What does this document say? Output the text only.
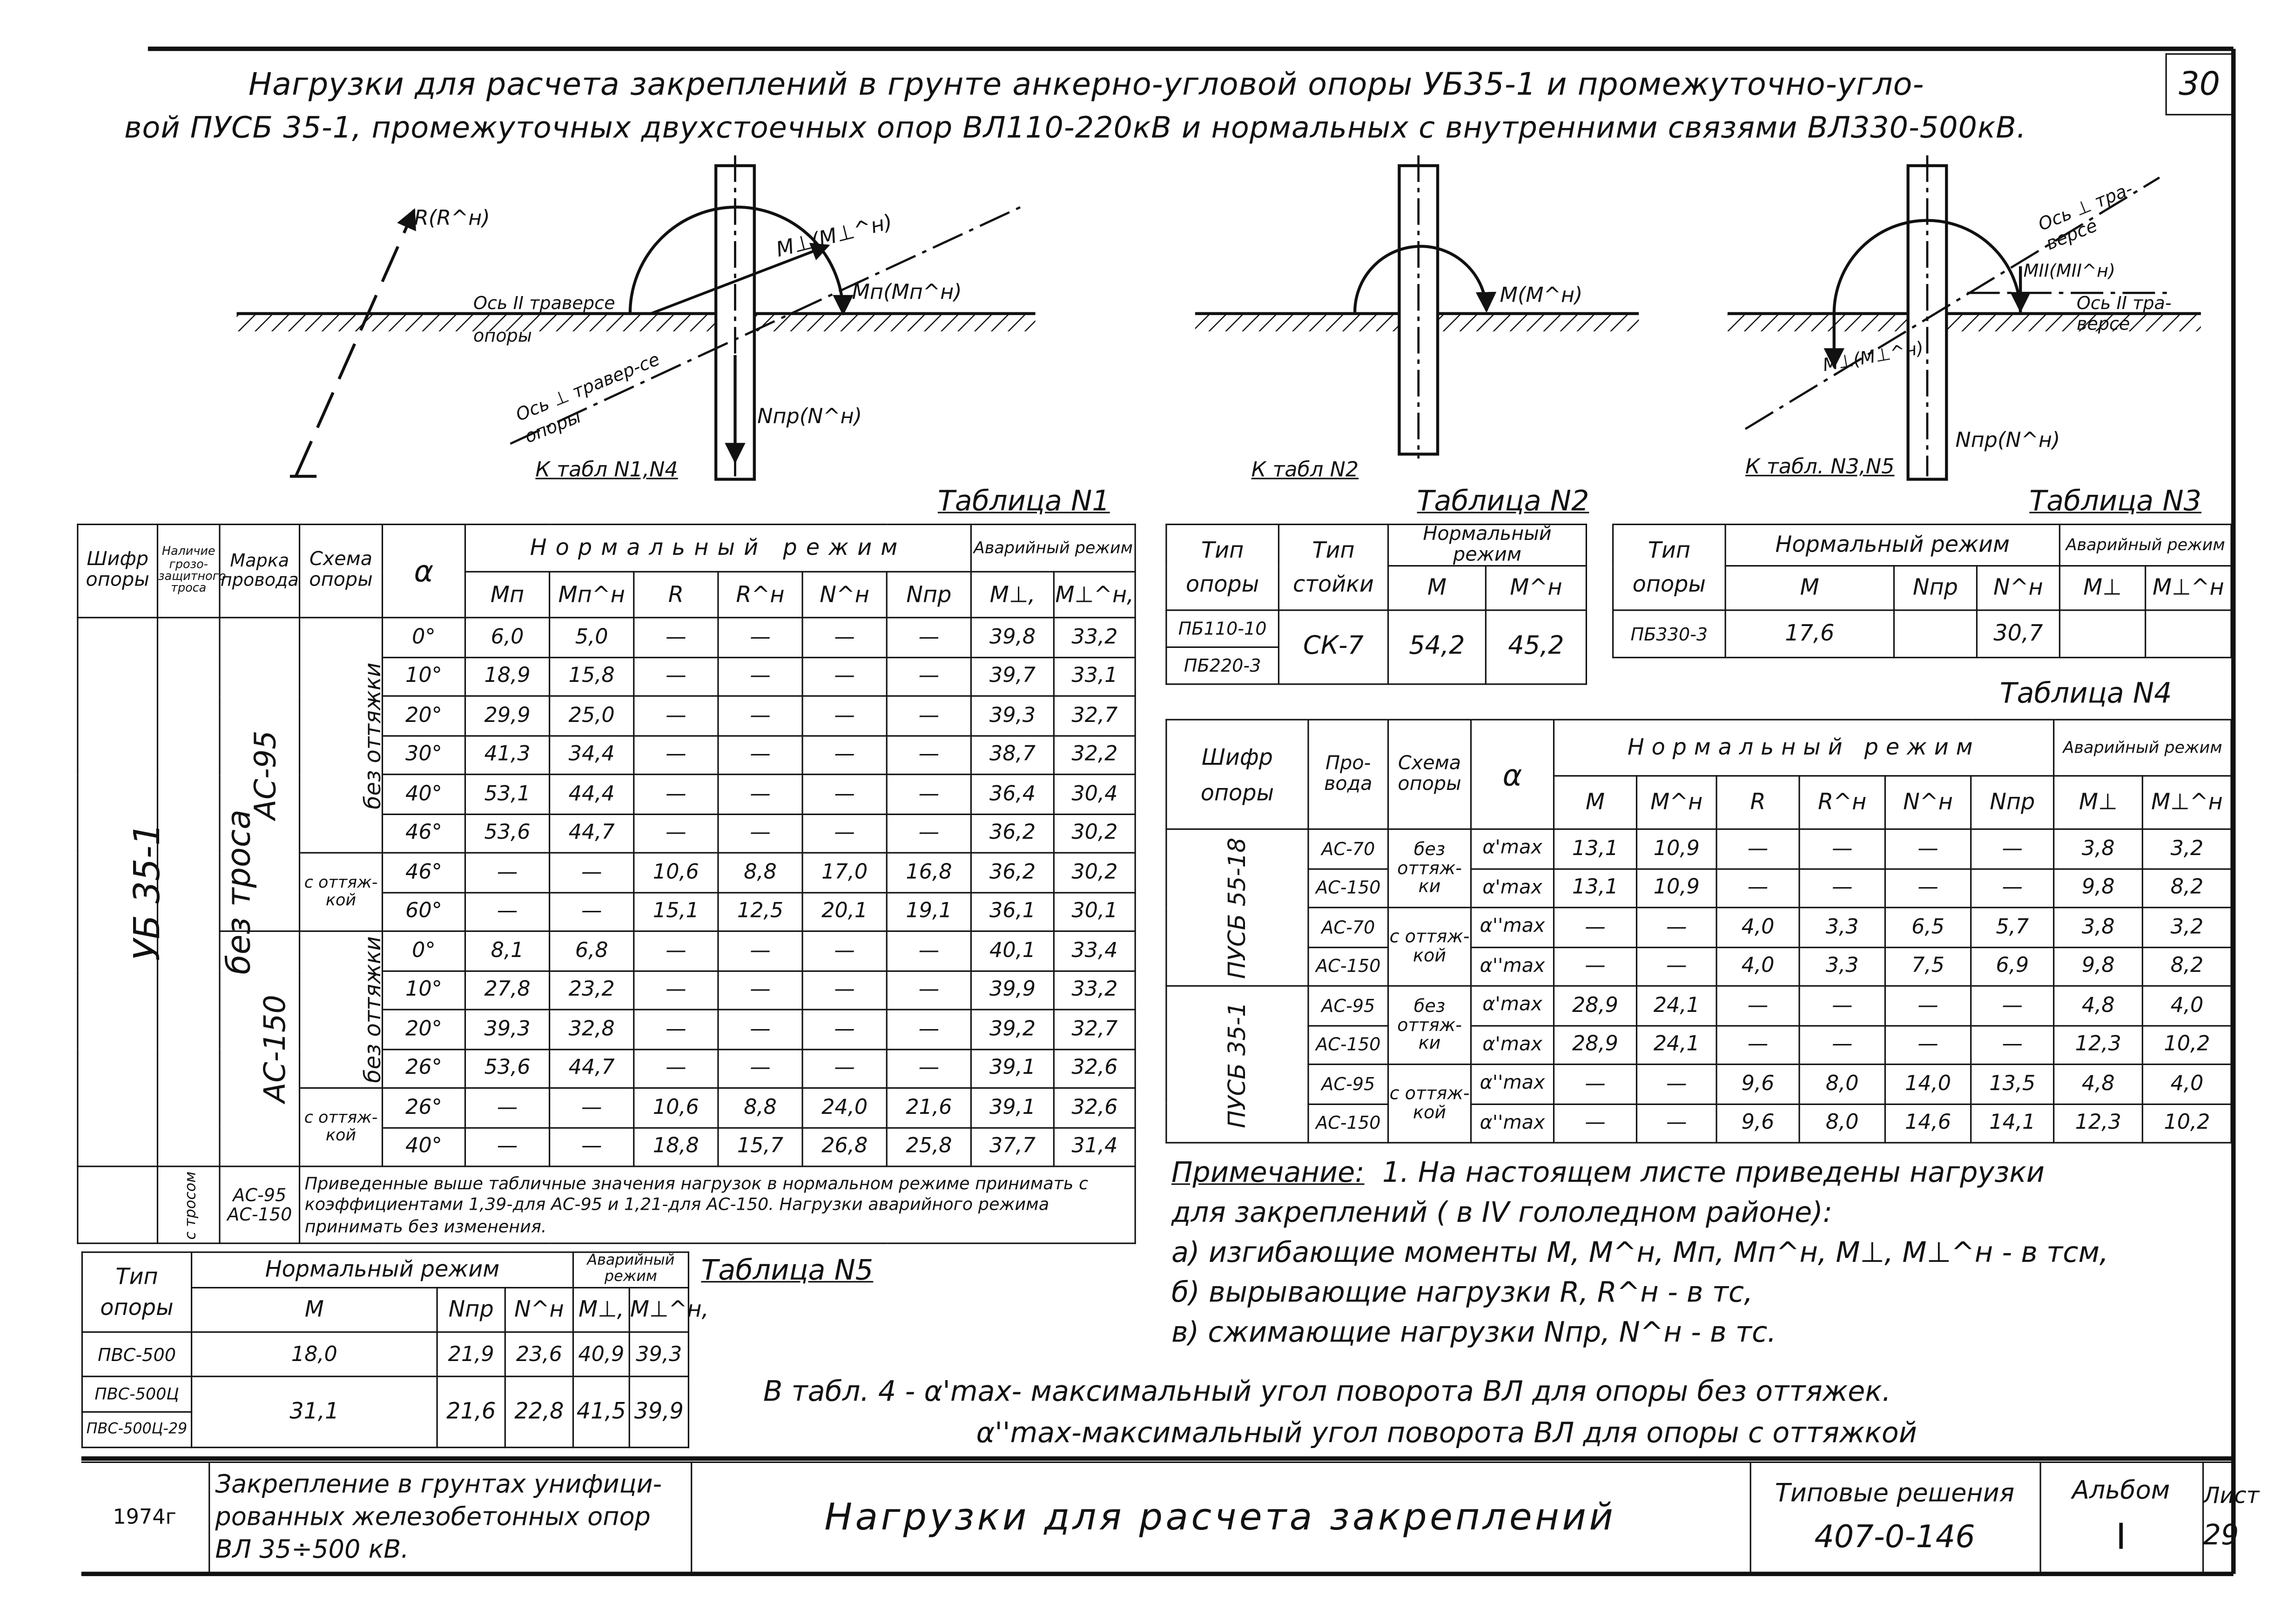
30
Нагрузки для расчета закреплений в грунте анкерно-угловой опоры УБ35-1 и промежуточно-угло-
вой ПУСБ 35-1, промежуточных двухстоечных опор ВЛ110-220кВ и нормальных с внутренними связями ВЛ330-500кВ.
R(R^н)	M⊥(M⊥^н)
Mп(Mп^н)
Ось II траверсе опоры
Ось ⊥ травер-се опоры	Nпр(N^н)
К табл N1,N4
M(M^н)
К табл N2
Ось ⊥ тра-версе
MII(MII^н)
Ось II тра-версе
M⊥(M⊥^н)
Nпр(N^н)
К табл. N3,N5
Таблица N1	Таблица N2	Таблица N3
Таблица N4
Таблица N5
Шифр опоры	Наличие грозо-защитного троса	Марка провода	Схема опоры	α	Нормальный режим						Аварийный режим	
					Mп	Mп^н	R	R^н	N^н	Nпр	M⊥,	M⊥^н,
УБ 35-1	без троса	АС-95	без оттяжки	0°	6,0	5,0	—	—	—	—	39,8	33,2
				10°	18,9	15,8	—	—	—	—	39,7	33,1
				20°	29,9	25,0	—	—	—	—	39,3	32,7
				30°	41,3	34,4	—	—	—	—	38,7	32,2
				40°	53,1	44,4	—	—	—	—	36,4	30,4
				46°	53,6	44,7	—	—	—	—	36,2	30,2
			с оттяж-кой	46°	—	—	10,6	8,8	17,0	16,8	36,2	30,2
				60°	—	—	15,1	12,5	20,1	19,1	36,1	30,1
		АС-150	без оттяжки	0°	8,1	6,8	—	—	—	—	40,1	33,4
				10°	27,8	23,2	—	—	—	—	39,9	33,2
				20°	39,3	32,8	—	—	—	—	39,2	32,7
				26°	53,6	44,7	—	—	—	—	39,1	32,6
			с оттяж-кой	26°	—	—	10,6	8,8	24,0	21,6	39,1	32,6
				40°	—	—	18,8	15,7	26,8	25,8	37,7	31,4
	с тросом	АС-95 АС-150	Приведенные выше табличные значения нагрузок в нормальном режиме принимать с коэффициентами 1,39-для АС-95 и 1,21-для АС-150. Нагрузки аварийного режима принимать без изменения.									
Тип опоры	Тип стойки	Нормальный режим	
		M	M^н
ПБ110-10	СК-7	54,2	45,2
ПБ220-3			
Тип опоры	Нормальный режим			Аварийный режим	
	M	Nпр	N^н	M⊥	M⊥^н
ПБ330-3	17,6		30,7		
Шифр опоры	Про-вода	Схема опоры	α	Нормальный режим						Аварийный режим	
				M	M^н	R	R^н	N^н	Nпр	M⊥	M⊥^н
ПУСБ 55-18	АС-70	без оттяж-ки	α'max	13,1	10,9	—	—	—	—	3,8	3,2
	АС-150		α'max	13,1	10,9	—	—	—	—	9,8	8,2
	АС-70	с оттяж-кой	α''max	—	—	4,0	3,3	6,5	5,7	3,8	3,2
	АС-150		α''max	—	—	4,0	3,3	7,5	6,9	9,8	8,2
ПУСБ 35-1	АС-95	без оттяж-ки	α'max	28,9	24,1	—	—	—	—	4,8	4,0
	АС-150		α'max	28,9	24,1	—	—	—	—	12,3	10,2
	АС-95	с оттяж-кой	α''max	—	—	9,6	8,0	14,0	13,5	4,8	4,0
	АС-150		α''max	—	—	9,6	8,0	14,6	14,1	12,3	10,2
Тип опоры	Нормальный режим			Аварийный режим	
	M	Nпр	N^н	M⊥,	M⊥^н,
ПВС-500	18,0	21,9	23,6	40,9	39,3
ПВС-500Ц	31,1	21,6	22,8	41,5	39,9
ПВС-500Ц-29					
Примечание: 1. На настоящем листе приведены нагрузки
для закреплений ( в IV гололедном районе):
а) изгибающие моменты M, M^н, Mп, Mп^н, M⊥, M⊥^н - в тсм,
б) вырывающие нагрузки R, R^н - в тс,
в) сжимающие нагрузки Nпр, N^н - в тс.
В табл. 4 - α'max- максимальный угол поворота ВЛ для опоры без оттяжек.
α''max-максимальный угол поворота ВЛ для опоры с оттяжкой
1974г	Закрепление в грунтах унифици-рованных железобетонных опор ВЛ 35÷500 кВ.	Нагрузки для расчета закреплений	
Типовые решения
407-0-146

Альбом
I

Лист
29
